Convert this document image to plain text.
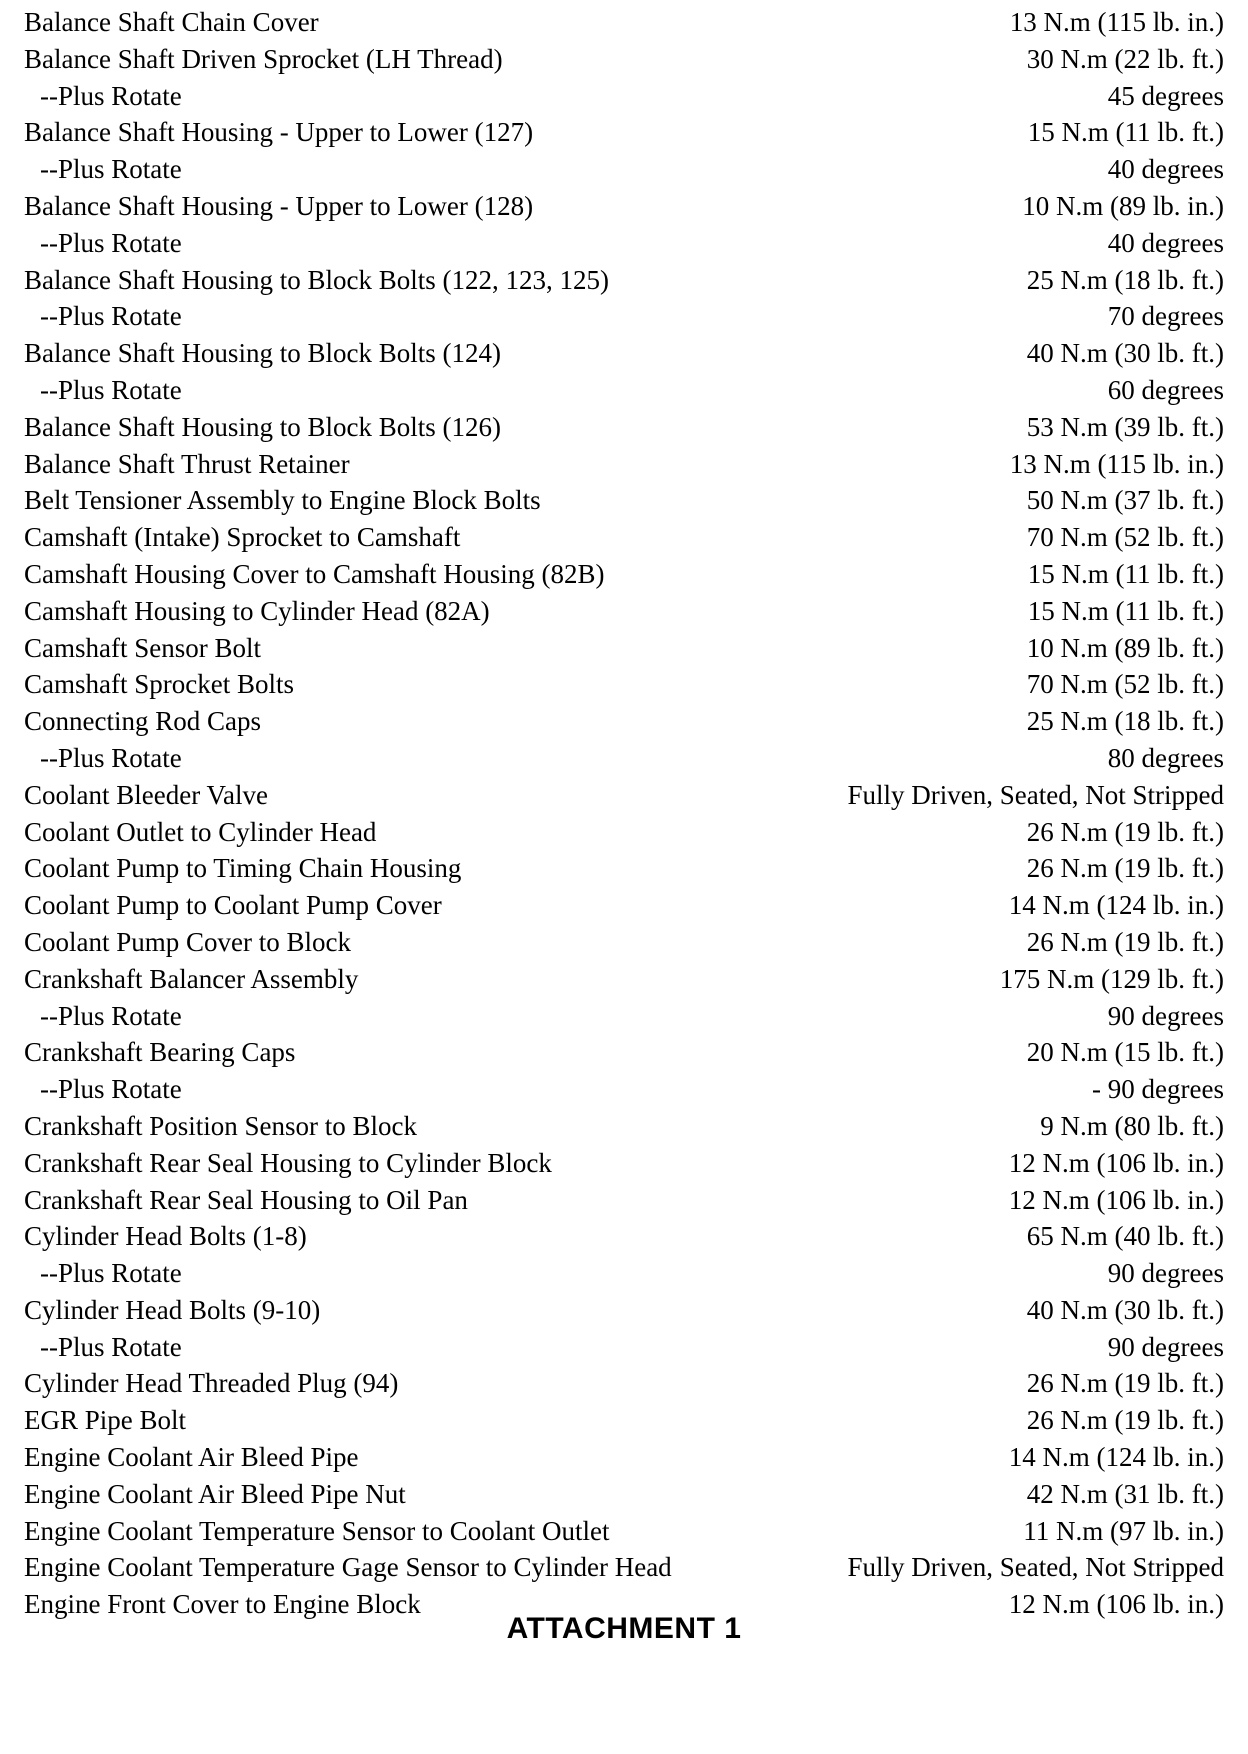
Balance Shaft Chain Cover	13 N.m (115 lb. in.)
Balance Shaft Driven Sprocket (LH Thread)	30 N.m (22 lb. ft.)
--Plus Rotate	45 degrees
Balance Shaft Housing - Upper to Lower (127)	15 N.m (11 lb. ft.)
--Plus Rotate	40 degrees
Balance Shaft Housing - Upper to Lower (128)	10 N.m (89 lb. in.)
--Plus Rotate	40 degrees
Balance Shaft Housing to Block Bolts (122, 123, 125)	25 N.m (18 lb. ft.)
--Plus Rotate	70 degrees
Balance Shaft Housing to Block Bolts (124)	40 N.m (30 lb. ft.)
--Plus Rotate	60 degrees
Balance Shaft Housing to Block Bolts (126)	53 N.m (39 lb. ft.)
Balance Shaft Thrust Retainer	13 N.m (115 lb. in.)
Belt Tensioner Assembly to Engine Block Bolts	50 N.m (37 lb. ft.)
Camshaft (Intake) Sprocket to Camshaft	70 N.m (52 lb. ft.)
Camshaft Housing Cover to Camshaft Housing (82B)	15 N.m (11 lb. ft.)
Camshaft Housing to Cylinder Head (82A)	15 N.m (11 lb. ft.)
Camshaft Sensor Bolt	10 N.m (89 lb. ft.)
Camshaft Sprocket Bolts	70 N.m (52 lb. ft.)
Connecting Rod Caps	25 N.m (18 lb. ft.)
--Plus Rotate	80 degrees
Coolant Bleeder Valve	Fully Driven, Seated, Not Stripped
Coolant Outlet to Cylinder Head	26 N.m (19 lb. ft.)
Coolant Pump to Timing Chain Housing	26 N.m (19 lb. ft.)
Coolant Pump to Coolant Pump Cover	14 N.m (124 lb. in.)
Coolant Pump Cover to Block	26 N.m (19 lb. ft.)
Crankshaft Balancer Assembly	175 N.m (129 lb. ft.)
--Plus Rotate	90 degrees
Crankshaft Bearing Caps	20 N.m (15 lb. ft.)
--Plus Rotate	- 90 degrees
Crankshaft Position Sensor to Block	9 N.m (80 lb. ft.)
Crankshaft Rear Seal Housing to Cylinder Block	12 N.m (106 lb. in.)
Crankshaft Rear Seal Housing to Oil Pan	12 N.m (106 lb. in.)
Cylinder Head Bolts (1-8)	65 N.m (40 lb. ft.)
--Plus Rotate	90 degrees
Cylinder Head Bolts (9-10)	40 N.m (30 lb. ft.)
--Plus Rotate	90 degrees
Cylinder Head Threaded Plug (94)	26 N.m (19 lb. ft.)
EGR Pipe Bolt	26 N.m (19 lb. ft.)
Engine Coolant Air Bleed Pipe	14 N.m (124 lb. in.)
Engine Coolant Air Bleed Pipe Nut	42 N.m (31 lb. ft.)
Engine Coolant Temperature Sensor to Coolant Outlet	11 N.m (97 lb. in.)
Engine Coolant Temperature Gage Sensor to Cylinder Head	Fully Driven, Seated, Not Stripped
Engine Front Cover to Engine Block	12 N.m (106 lb. in.)
ATTACHMENT 1
